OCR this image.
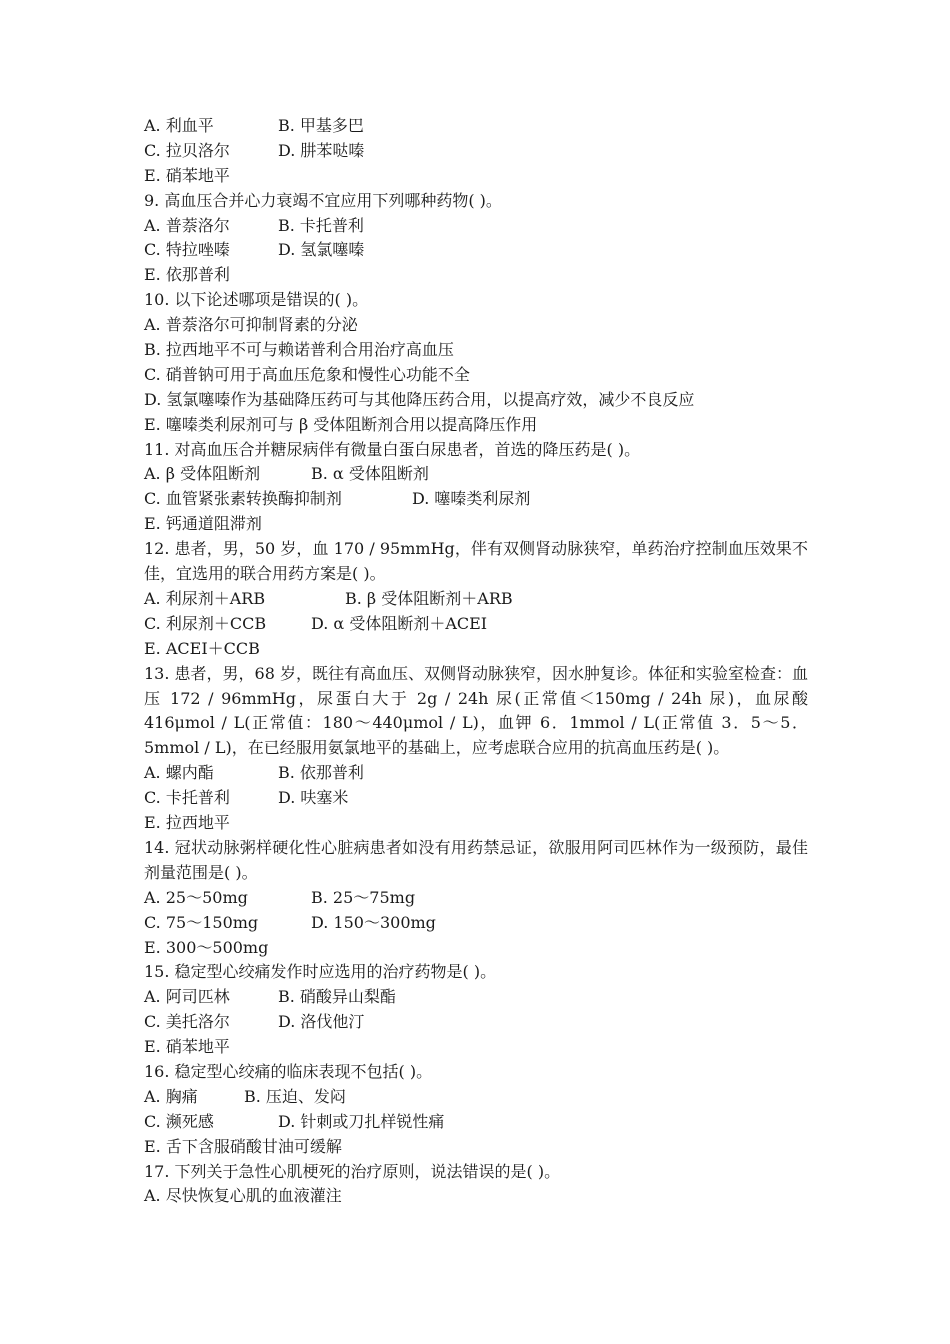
A. 利血平	B. 甲基多巴
C. 拉贝洛尔	D. 肼苯哒嗪
E. 硝苯地平
9. 高血压合并心力衰竭不宜应用下列哪种药物( )。
A. 普萘洛尔	B. 卡托普利
C. 特拉唑嗪	D. 氢氯噻嗪
E. 依那普利
10. 以下论述哪项是错误的( )。
A. 普萘洛尔可抑制肾素的分泌
B. 拉西地平不可与赖诺普利合用治疗高血压
C. 硝普钠可用于高血压危象和慢性心功能不全
D. 氢氯噻嗪作为基础降压药可与其他降压药合用，以提高疗效，减少不良反应
E. 噻嗪类利尿剂可与 β 受体阻断剂合用以提高降压作用
11. 对高血压合并糖尿病伴有微量白蛋白尿患者，首选的降压药是( )。
A. β 受体阻断剂	B. α 受体阻断剂
C. 血管紧张素转换酶抑制剂	D. 噻嗪类利尿剂
E. 钙通道阻滞剂
12. 患者，男，50 岁，血 170 / 95mmHg，伴有双侧肾动脉狭窄，单药治疗控制血压效果不佳，宜选用的联合用药方案是( )。
A. 利尿剂＋ARB	B. β 受体阻断剂＋ARB
C. 利尿剂＋CCB	D. α 受体阻断剂＋ACEI
E. ACEI＋CCB
13. 患者，男，68 岁，既往有高血压、双侧肾动脉狭窄，因水肿复诊。体征和实验室检查：血压 172 / 96mmHg，尿蛋白大于 2g / 24h 尿(正常值＜150mg / 24h 尿)，血尿酸 416μmol / L(正常值：180～440μmol / L)，血钾 6．1mmol / L(正常值 3．5～5．5mmol / L)，在已经服用氨氯地平的基础上，应考虑联合应用的抗高血压药是( )。
A. 螺内酯	B. 依那普利
C. 卡托普利	D. 呋塞米
E. 拉西地平
14. 冠状动脉粥样硬化性心脏病患者如没有用药禁忌证，欲服用阿司匹林作为一级预防，最佳剂量范围是( )。
A. 25～50mg	B. 25～75mg
C. 75～150mg	D. 150～300mg
E. 300～500mg
15. 稳定型心绞痛发作时应选用的治疗药物是( )。
A. 阿司匹林	B. 硝酸异山梨酯
C. 美托洛尔	D. 洛伐他汀
E. 硝苯地平
16. 稳定型心绞痛的临床表现不包括( )。
A. 胸痛	B. 压迫、发闷
C. 濒死感	D. 针刺或刀扎样锐性痛
E. 舌下含服硝酸甘油可缓解
17. 下列关于急性心肌梗死的治疗原则，说法错误的是( )。
A. 尽快恢复心肌的血液灌注
